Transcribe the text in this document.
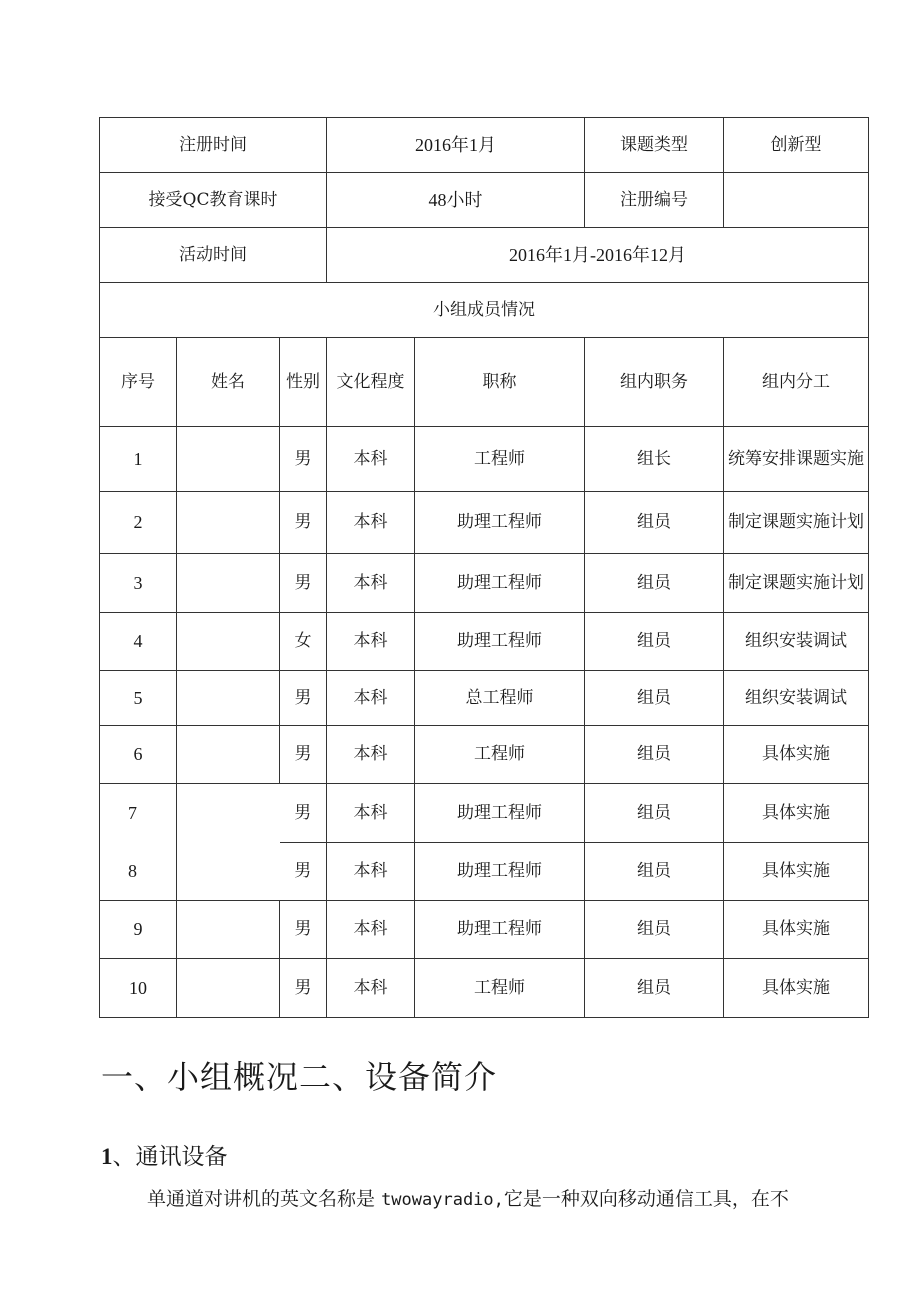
注册时间			2016年1月		课题类型	创新型
接受QC教育课时			48小时		注册编号	
活动时间			2016年1月-2016年12月			
小组成员情况						
序号	姓名	性别	文化程度	职称	组内职务	组内分工
1		男	本科	工程师	组长	统筹安排课题实施
2		男	本科	助理工程师	组员	制定课题实施计划
3		男	本科	助理工程师	组员	制定课题实施计划
4		女	本科	助理工程师	组员	组织安装调试
5		男	本科	总工程师	组员	组织安装调试
6		男	本科	工程师	组员	具体实施
7		男	本科	助理工程师	组员	具体实施
8		男	本科	助理工程师	组员	具体实施
9		男	本科	助理工程师	组员	具体实施
10		男	本科	工程师	组员	具体实施
一、小组概况二、设备简介
1、通讯设备

单通道对讲机的英文名称是 twowayradio,它是一种双向移动通信工具，在不
